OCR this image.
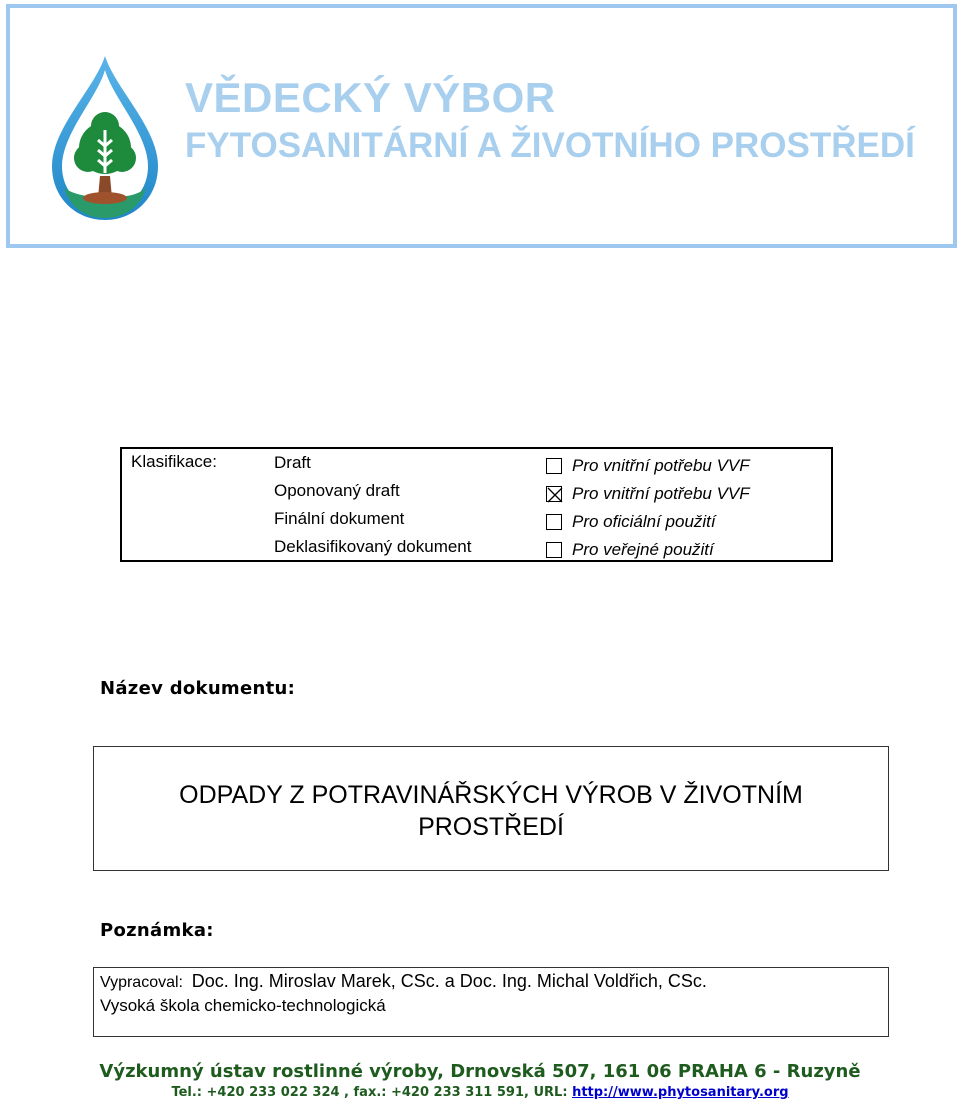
VĚDECKÝ VÝBOR
FYTOSANITÁRNÍ A ŽIVOTNÍHO PROSTŘEDÍ
Klasifikace:	Draft
Oponovaný draft
Finální dokument
Deklasifikovaný dokument
Pro vnitřní potřebu VVF
Pro vnitřní potřebu VVF
Pro oficiální použití
Pro veřejné použití
Název dokumentu:
ODPADY Z POTRAVINÁŘSKÝCH VÝROB V ŽIVOTNÍM PROSTŘEDÍ
Poznámka:
Vypracoval: Doc. Ing. Miroslav Marek, CSc. a Doc. Ing. Michal Voldřich, CSc.
Vysoká škola chemicko-technologická
Výzkumný ústav rostlinné výroby, Drnovská 507, 161 06 PRAHA 6 - Ruzyně
Tel.: +420 233 022 324 , fax.: +420 233 311 591, URL: http://www.phytosanitary.org
